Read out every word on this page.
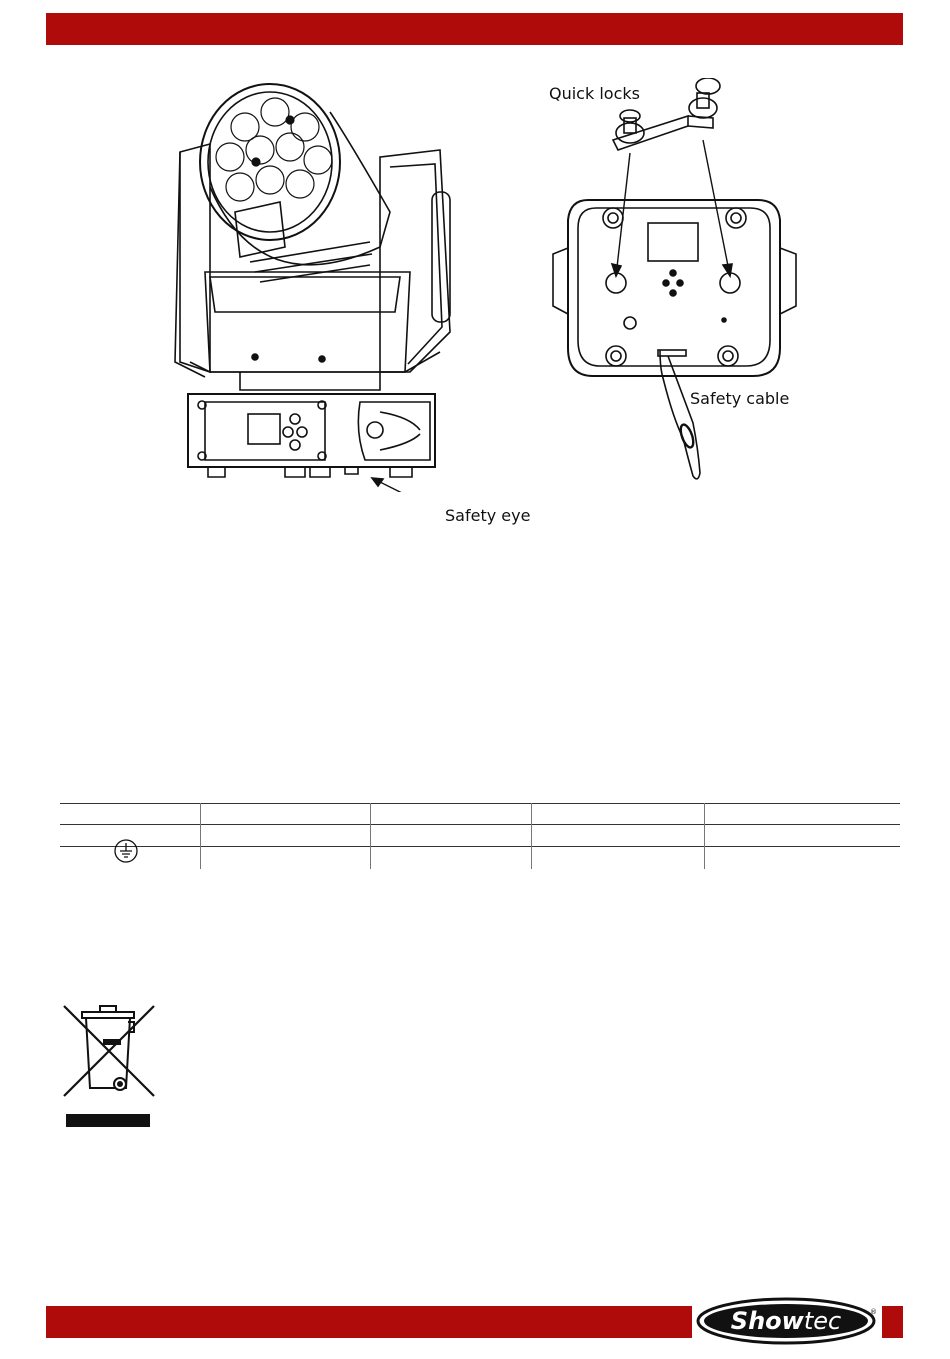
Safety eye
Quick locks
Safety cable
Showtec	®
